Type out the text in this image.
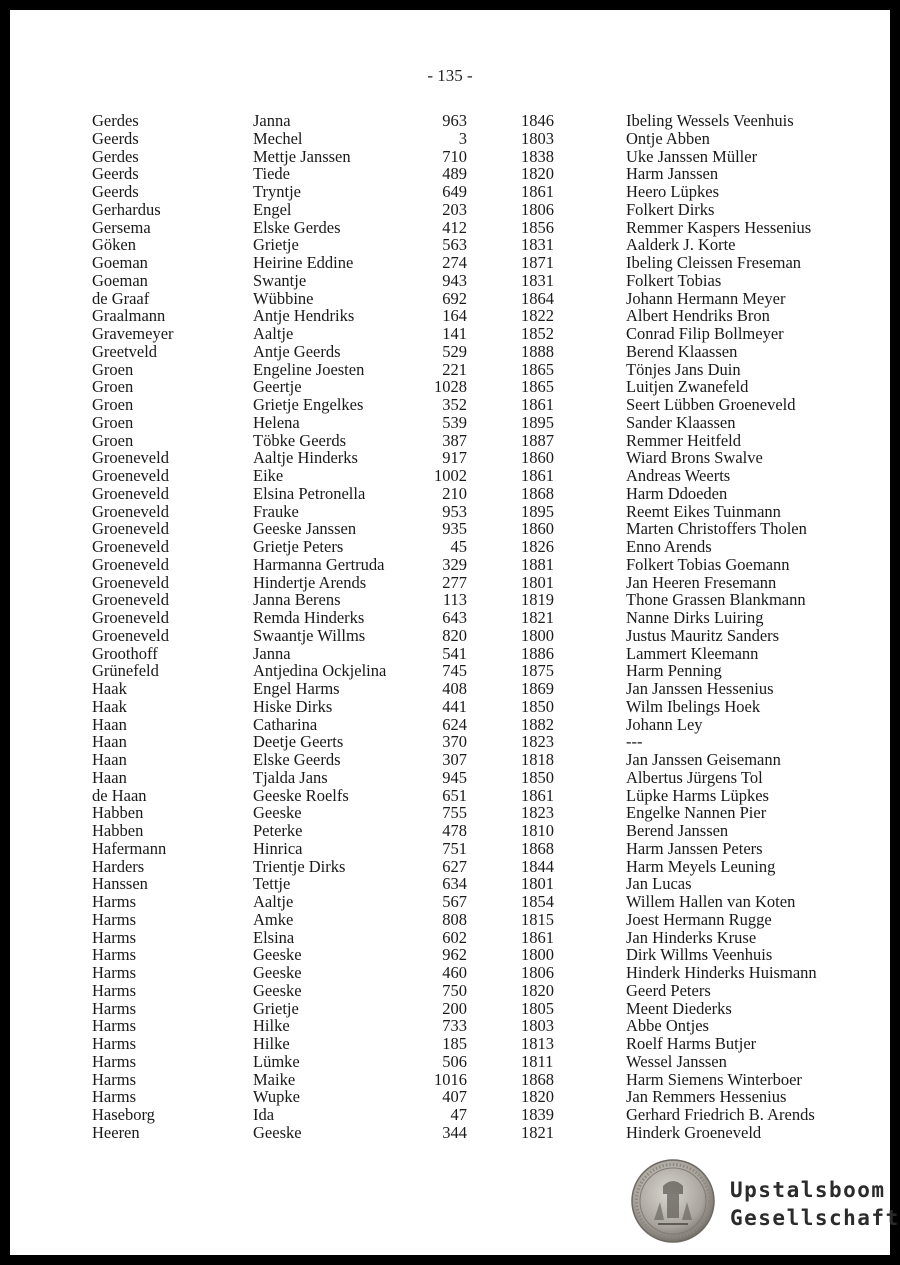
- 135 -
Gerdes	Janna	963	1846	Ibeling Wessels Veenhuis
Geerds	Mechel	3	1803	Ontje Abben
Gerdes	Mettje Janssen	710	1838	Uke Janssen Müller
Geerds	Tiede	489	1820	Harm Janssen
Geerds	Tryntje	649	1861	Heero Lüpkes
Gerhardus	Engel	203	1806	Folkert Dirks
Gersema	Elske Gerdes	412	1856	Remmer Kaspers Hessenius
Göken	Grietje	563	1831	Aalderk J. Korte
Goeman	Heirine Eddine	274	1871	Ibeling Cleissen Freseman
Goeman	Swantje	943	1831	Folkert Tobias
de Graaf	Wübbine	692	1864	Johann Hermann Meyer
Graalmann	Antje Hendriks	164	1822	Albert Hendriks Bron
Gravemeyer	Aaltje	141	1852	Conrad Filip Bollmeyer
Greetveld	Antje Geerds	529	1888	Berend Klaassen
Groen	Engeline Joesten	221	1865	Tönjes Jans Duin
Groen	Geertje	1028	1865	Luitjen Zwanefeld
Groen	Grietje Engelkes	352	1861	Seert Lübben Groeneveld
Groen	Helena	539	1895	Sander Klaassen
Groen	Töbke Geerds	387	1887	Remmer Heitfeld
Groeneveld	Aaltje Hinderks	917	1860	Wiard Brons Swalve
Groeneveld	Eike	1002	1861	Andreas Weerts
Groeneveld	Elsina Petronella	210	1868	Harm Ddoeden
Groeneveld	Frauke	953	1895	Reemt Eikes Tuinmann
Groeneveld	Geeske Janssen	935	1860	Marten Christoffers Tholen
Groeneveld	Grietje Peters	45	1826	Enno Arends
Groeneveld	Harmanna Gertruda	329	1881	Folkert Tobias Goemann
Groeneveld	Hindertje Arends	277	1801	Jan Heeren Fresemann
Groeneveld	Janna Berens	113	1819	Thone Grassen Blankmann
Groeneveld	Remda Hinderks	643	1821	Nanne Dirks Luiring
Groeneveld	Swaantje Willms	820	1800	Justus Mauritz Sanders
Groothoff	Janna	541	1886	Lammert Kleemann
Grünefeld	Antjedina Ockjelina	745	1875	Harm Penning
Haak	Engel Harms	408	1869	Jan Janssen Hessenius
Haak	Hiske Dirks	441	1850	Wilm Ibelings Hoek
Haan	Catharina	624	1882	Johann Ley
Haan	Deetje Geerts	370	1823	---
Haan	Elske Geerds	307	1818	Jan Janssen Geisemann
Haan	Tjalda Jans	945	1850	Albertus Jürgens Tol
de Haan	Geeske Roelfs	651	1861	Lüpke Harms Lüpkes
Habben	Geeske	755	1823	Engelke Nannen Pier
Habben	Peterke	478	1810	Berend Janssen
Hafermann	Hinrica	751	1868	Harm Janssen Peters
Harders	Trientje Dirks	627	1844	Harm Meyels Leuning
Hanssen	Tettje	634	1801	Jan Lucas
Harms	Aaltje	567	1854	Willem Hallen van Koten
Harms	Amke	808	1815	Joest Hermann Rugge
Harms	Elsina	602	1861	Jan Hinderks Kruse
Harms	Geeske	962	1800	Dirk Willms Veenhuis
Harms	Geeske	460	1806	Hinderk Hinderks Huismann
Harms	Geeske	750	1820	Geerd Peters
Harms	Grietje	200	1805	Meent Diederks
Harms	Hilke	733	1803	Abbe Ontjes
Harms	Hilke	185	1813	Roelf Harms Butjer
Harms	Lümke	506	1811	Wessel Janssen
Harms	Maike	1016	1868	Harm Siemens Winterboer
Harms	Wupke	407	1820	Jan Remmers Hessenius
Haseborg	Ida	47	1839	Gerhard Friedrich B. Arends
Heeren	Geeske	344	1821	Hinderk Groeneveld
Upstalsboom
Gesellschaft
